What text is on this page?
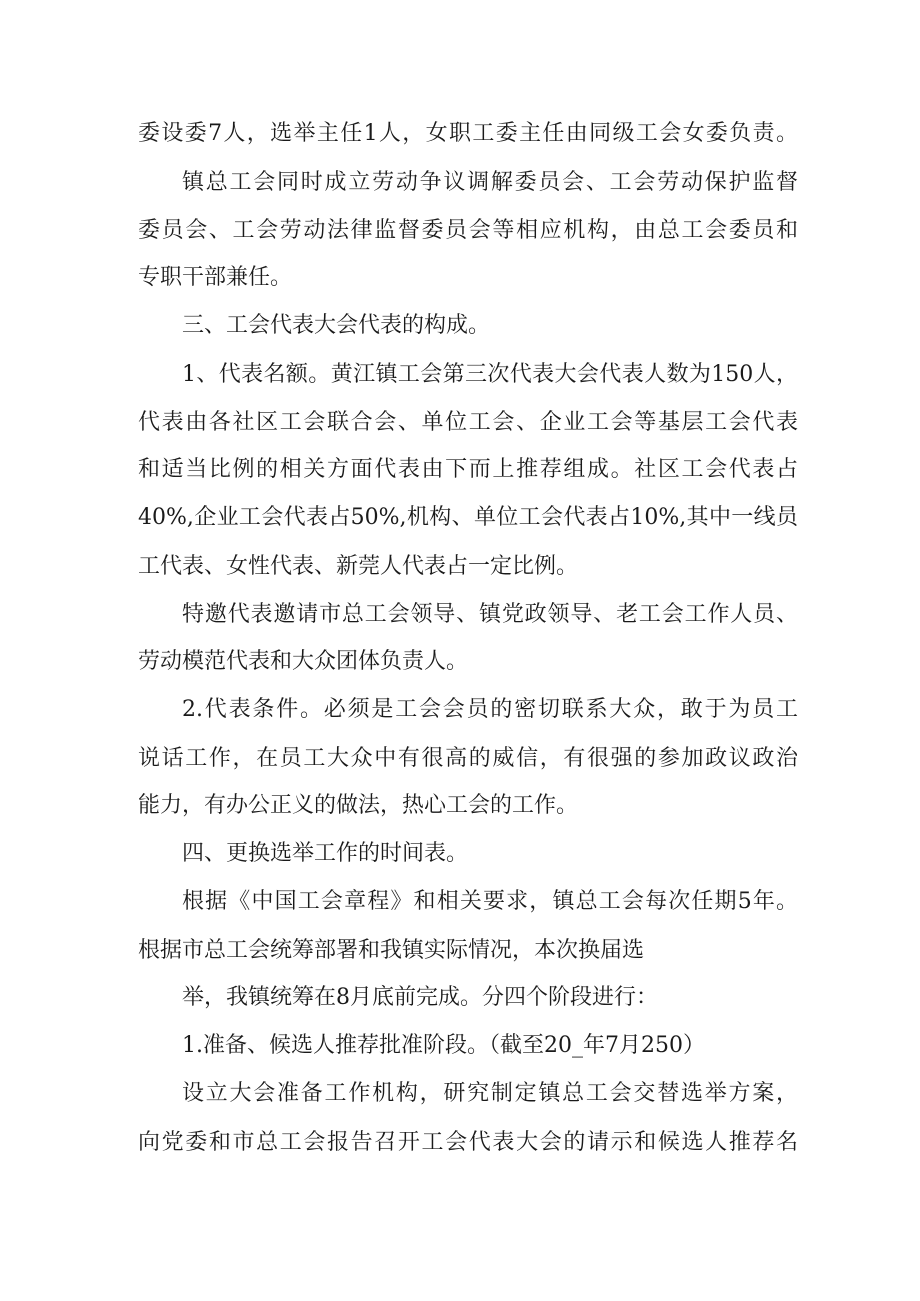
委设委7人，选举主任1人，女职工委主任由同级工会女委负责。
镇总工会同时成立劳动争议调解委员会、工会劳动保护监督
委员会、工会劳动法律监督委员会等相应机构，由总工会委员和
专职干部兼任。
三、工会代表大会代表的构成。
1、代表名额。黄江镇工会第三次代表大会代表人数为150人，
代表由各社区工会联合会、单位工会、企业工会等基层工会代表
和适当比例的相关方面代表由下而上推荐组成。社区工会代表占
40%,企业工会代表占50%,机构、单位工会代表占10%,其中一线员
工代表、女性代表、新莞人代表占一定比例。
特邀代表邀请市总工会领导、镇党政领导、老工会工作人员、
劳动模范代表和大众团体负责人。
2.代表条件。必须是工会会员的密切联系大众，敢于为员工
说话工作，在员工大众中有很高的威信，有很强的参加政议政治
能力，有办公正义的做法，热心工会的工作。
四、更换选举工作的时间表。
根据《中国工会章程》和相关要求，镇总工会每次任期5年。
根据市总工会统筹部署和我镇实际情况，本次换届选
举，我镇统筹在8月底前完成。分四个阶段进行：
1.准备、候选人推荐批准阶段。（截至20_年7月250）
设立大会准备工作机构，研究制定镇总工会交替选举方案，
向党委和市总工会报告召开工会代表大会的请示和候选人推荐名
